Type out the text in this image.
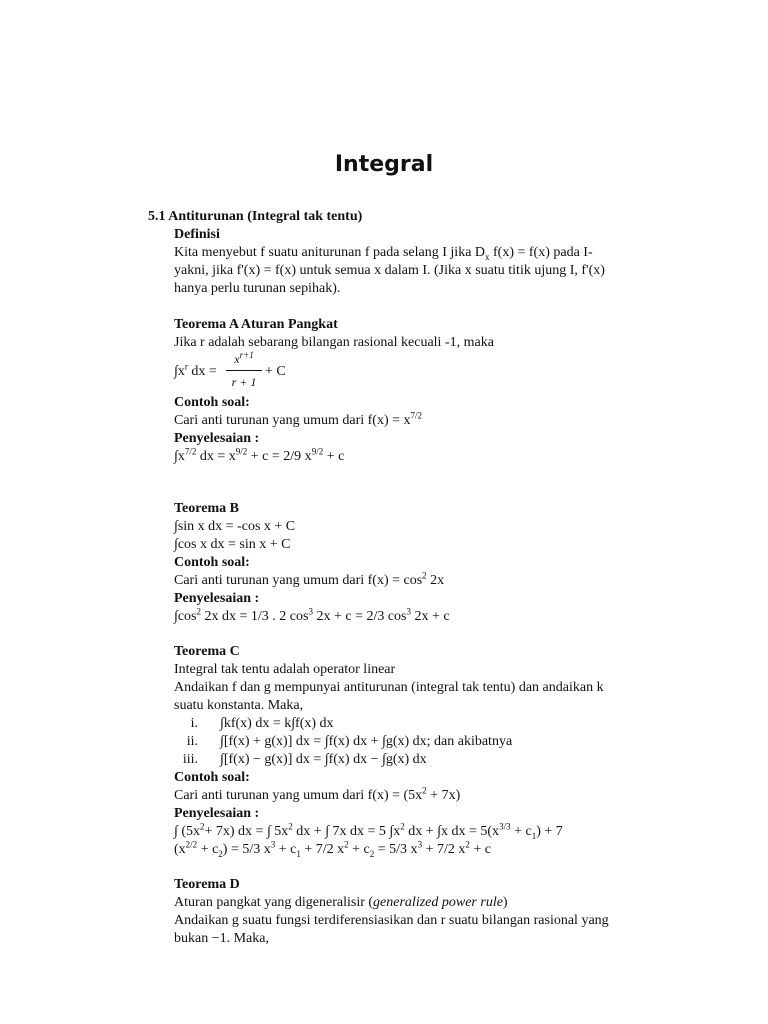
Integral
5.1 Antiturunan (Integral tak tentu)
Definisi
Kita menyebut f suatu aniturunan f pada selang I jika $D_x$ f(x) = f(x) pada I-
yakni, jika f'(x) = f(x) untuk semua x dalam I. (Jika x suatu titik ujung I, f'(x)
hanya perlu turunan sepihak).
Teorema A Aturan Pangkat
Jika r adalah sebarang bilangan rasional kecuali -1, maka
$\int x^r$ dx =
$x^{r+1}$
r + 1
+ C
Contoh soal:
Cari anti turunan yang umum dari $f(x) = x^{7/2}$
Penyelesaian :
$\int x^{7/2}$ dx = $x^{9/2} + c = 2/9$ $x^{9/2} + c$
Teorema B
∫sin x dx = -cos x + C
∫cos x dx = sin x + C
Contoh soal:
Cari anti turunan yang umum dari $f(x) = \cos^2 2x$
Penyelesaian :
$\int\cos^2$ 2x dx = 1/3 . 2 $\cos^3 2x + c = 2/3$ $\cos^3 2x + c$
Teorema C
Integral tak tentu adalah operator linear
Andaikan f dan g mempunyai antiturunan (integral tak tentu) dan andaikan k
suatu konstanta. Maka,
i. ∫kf(x) dx = k∫f(x) dx
ii. ∫[f(x) + g(x)] dx = ∫f(x) dx + ∫g(x) dx; dan akibatnya
iii. ∫[f(x) − g(x)] dx = ∫f(x) dx − ∫g(x) dx
Contoh soal:
Cari anti turunan yang umum dari $f(x) = (5x^2 + 7x)$
Penyelesaian :
∫ $(5x^2+ 7x)$ dx = ∫ $5x^2$ dx + ∫ 7x dx = 5 $\int x^2$ dx + ∫x dx = $5(x^{3/3} + c_1) + 7$
$(x^{2/2} + c_2) = 5/3$ $x^3 + c_1 + 7/2$ $x^2 + c_2 = 5/3$ $x^3 + 7/2$ $x^2 + c$
Teorema D
Aturan pangkat yang digeneralisir (generalized power rule)
Andaikan g suatu fungsi terdiferensiasikan dan r suatu bilangan rasional yang
bukan −1. Maka,
